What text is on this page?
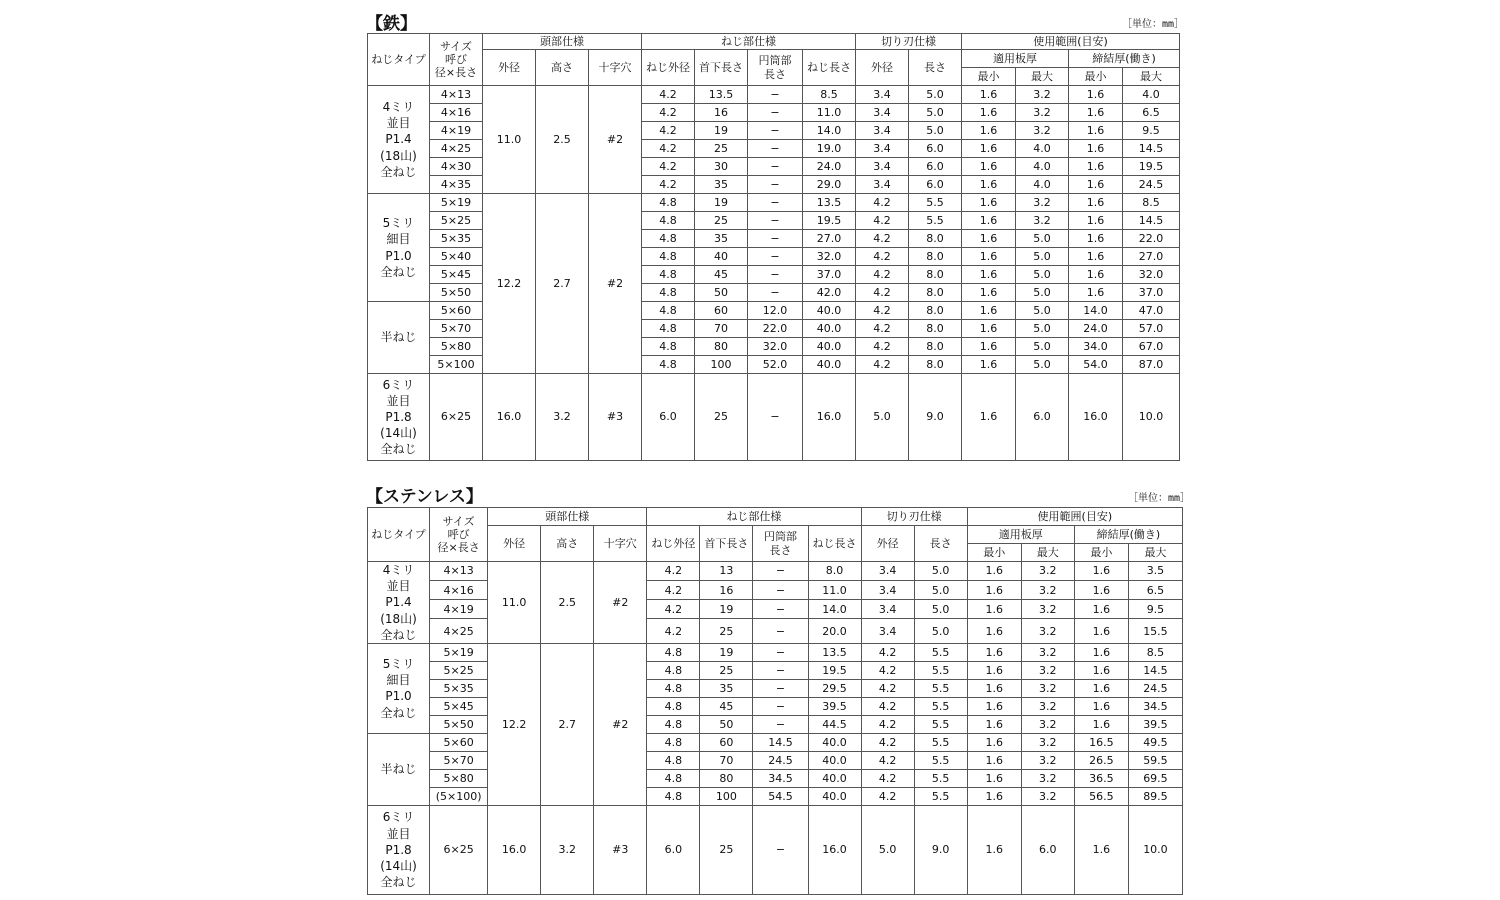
【鉄】	［単位：mm］
ねじタイプ	サイズ
呼び
径×長さ	頭部仕様			ねじ部仕様				切り刃仕様		使用範囲(目安)			
		外径	高さ	十字穴	ねじ外径	首下長さ	円筒部
長さ	ねじ長さ	外径	長さ	適用板厚		締結厚(働き)	
											最小	最大	最小	最大

4ミリ
並目
P1.4
(18山)
全ねじ	4×13	11.0	2.5	#2	4.2	13.5	−	8.5	3.4	5.0	1.6	3.2	1.6	4.0
	4×16				4.2	16	−	11.0	3.4	5.0	1.6	3.2	1.6	6.5
	4×19				4.2	19	−	14.0	3.4	5.0	1.6	3.2	1.6	9.5
	4×25				4.2	25	−	19.0	3.4	6.0	1.6	4.0	1.6	14.5
	4×30				4.2	30	−	24.0	3.4	6.0	1.6	4.0	1.6	19.5
	4×35				4.2	35	−	29.0	3.4	6.0	1.6	4.0	1.6	24.5

5ミリ
細目
P1.0
全ねじ	5×19	12.2	2.7	#2	4.8	19	−	13.5	4.2	5.5	1.6	3.2	1.6	8.5
	5×25				4.8	25	−	19.5	4.2	5.5	1.6	3.2	1.6	14.5
	5×35				4.8	35	−	27.0	4.2	8.0	1.6	5.0	1.6	22.0
	5×40				4.8	40	−	32.0	4.2	8.0	1.6	5.0	1.6	27.0
	5×45				4.8	45	−	37.0	4.2	8.0	1.6	5.0	1.6	32.0
	5×50				4.8	50	−	42.0	4.2	8.0	1.6	5.0	1.6	37.0

半ねじ	5×60				4.8	60	12.0	40.0	4.2	8.0	1.6	5.0	14.0	47.0
	5×70				4.8	70	22.0	40.0	4.2	8.0	1.6	5.0	24.0	57.0
	5×80				4.8	80	32.0	40.0	4.2	8.0	1.6	5.0	34.0	67.0
	5×100				4.8	100	52.0	40.0	4.2	8.0	1.6	5.0	54.0	87.0

6ミリ
並目
P1.8
(14山)
全ねじ	6×25	16.0	3.2	#3	6.0	25	−	16.0	5.0	9.0	1.6	6.0	16.0	10.0
【ステンレス】	［単位：mm］
ねじタイプ	サイズ
呼び
径×長さ	頭部仕様			ねじ部仕様				切り刃仕様		使用範囲(目安)			
		外径	高さ	十字穴	ねじ外径	首下長さ	円筒部
長さ	ねじ長さ	外径	長さ	適用板厚		締結厚(働き)	
											最小	最大	最小	最大

4ミリ
並目
P1.4
(18山)
全ねじ	4×13	11.0	2.5	#2	4.2	13	−	8.0	3.4	5.0	1.6	3.2	1.6	3.5
	4×16				4.2	16	−	11.0	3.4	5.0	1.6	3.2	1.6	6.5
	4×19				4.2	19	−	14.0	3.4	5.0	1.6	3.2	1.6	9.5
	4×25				4.2	25	−	20.0	3.4	5.0	1.6	3.2	1.6	15.5

5ミリ
細目
P1.0
全ねじ	5×19	12.2	2.7	#2	4.8	19	−	13.5	4.2	5.5	1.6	3.2	1.6	8.5
	5×25				4.8	25	−	19.5	4.2	5.5	1.6	3.2	1.6	14.5
	5×35				4.8	35	−	29.5	4.2	5.5	1.6	3.2	1.6	24.5
	5×45				4.8	45	−	39.5	4.2	5.5	1.6	3.2	1.6	34.5
	5×50				4.8	50	−	44.5	4.2	5.5	1.6	3.2	1.6	39.5

半ねじ	5×60				4.8	60	14.5	40.0	4.2	5.5	1.6	3.2	16.5	49.5
	5×70				4.8	70	24.5	40.0	4.2	5.5	1.6	3.2	26.5	59.5
	5×80				4.8	80	34.5	40.0	4.2	5.5	1.6	3.2	36.5	69.5
	(5×100)				4.8	100	54.5	40.0	4.2	5.5	1.6	3.2	56.5	89.5

6ミリ
並目
P1.8
(14山)
全ねじ	6×25	16.0	3.2	#3	6.0	25	−	16.0	5.0	9.0	1.6	6.0	1.6	10.0
